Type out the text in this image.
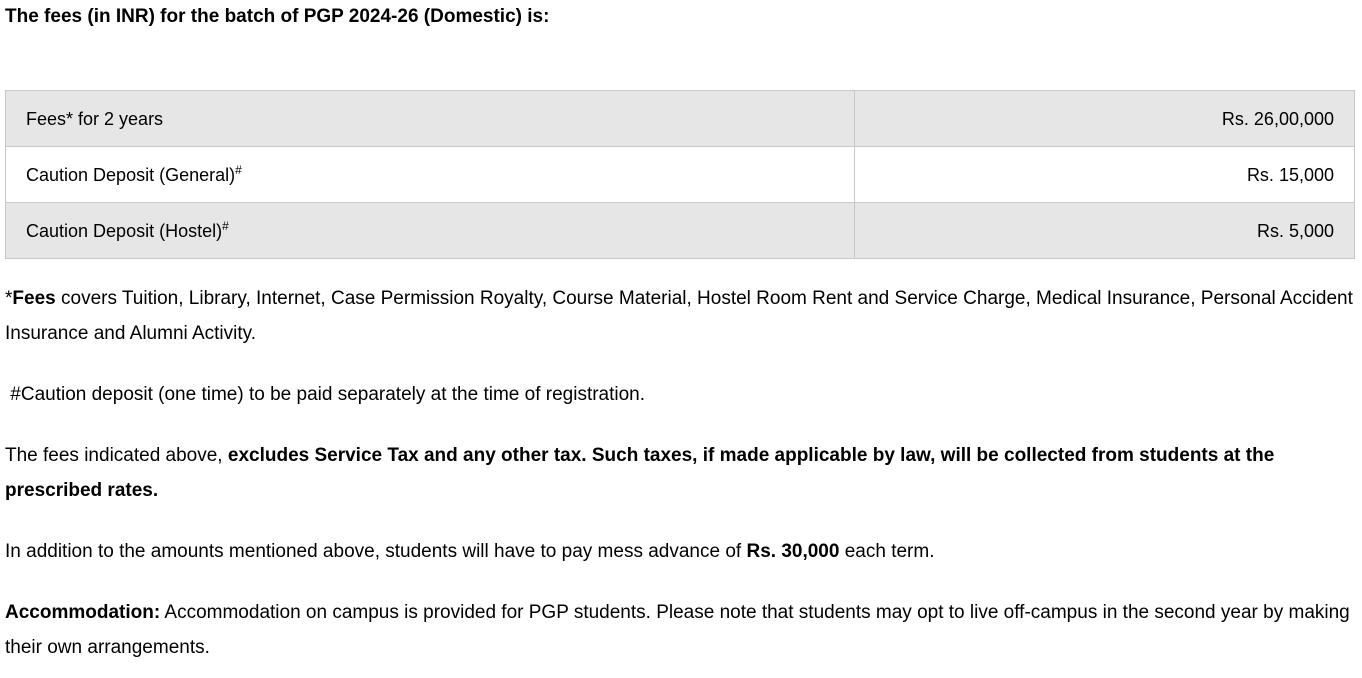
The fees (in INR) for the batch of PGP 2024-26 (Domestic) is:
Fees* for 2 years	Rs. 26,00,000
Caution Deposit (General)#	Rs. 15,000
Caution Deposit (Hostel)#	Rs. 5,000

*Fees covers Tuition, Library, Internet, Case Permission Royalty, Course Material, Hostel Room Rent and Service Charge, Medical Insurance, Personal Accident Insurance and Alumni Activity.

#Caution deposit (one time) to be paid separately at the time of registration.

The fees indicated above, excludes Service Tax and any other tax. Such taxes, if made applicable by law, will be collected from students at the prescribed rates.

In addition to the amounts mentioned above, students will have to pay mess advance of Rs. 30,000 each term.

Accommodation: Accommodation on campus is provided for PGP students. Please note that students may opt to live off-campus in the second year by making their own arrangements.
